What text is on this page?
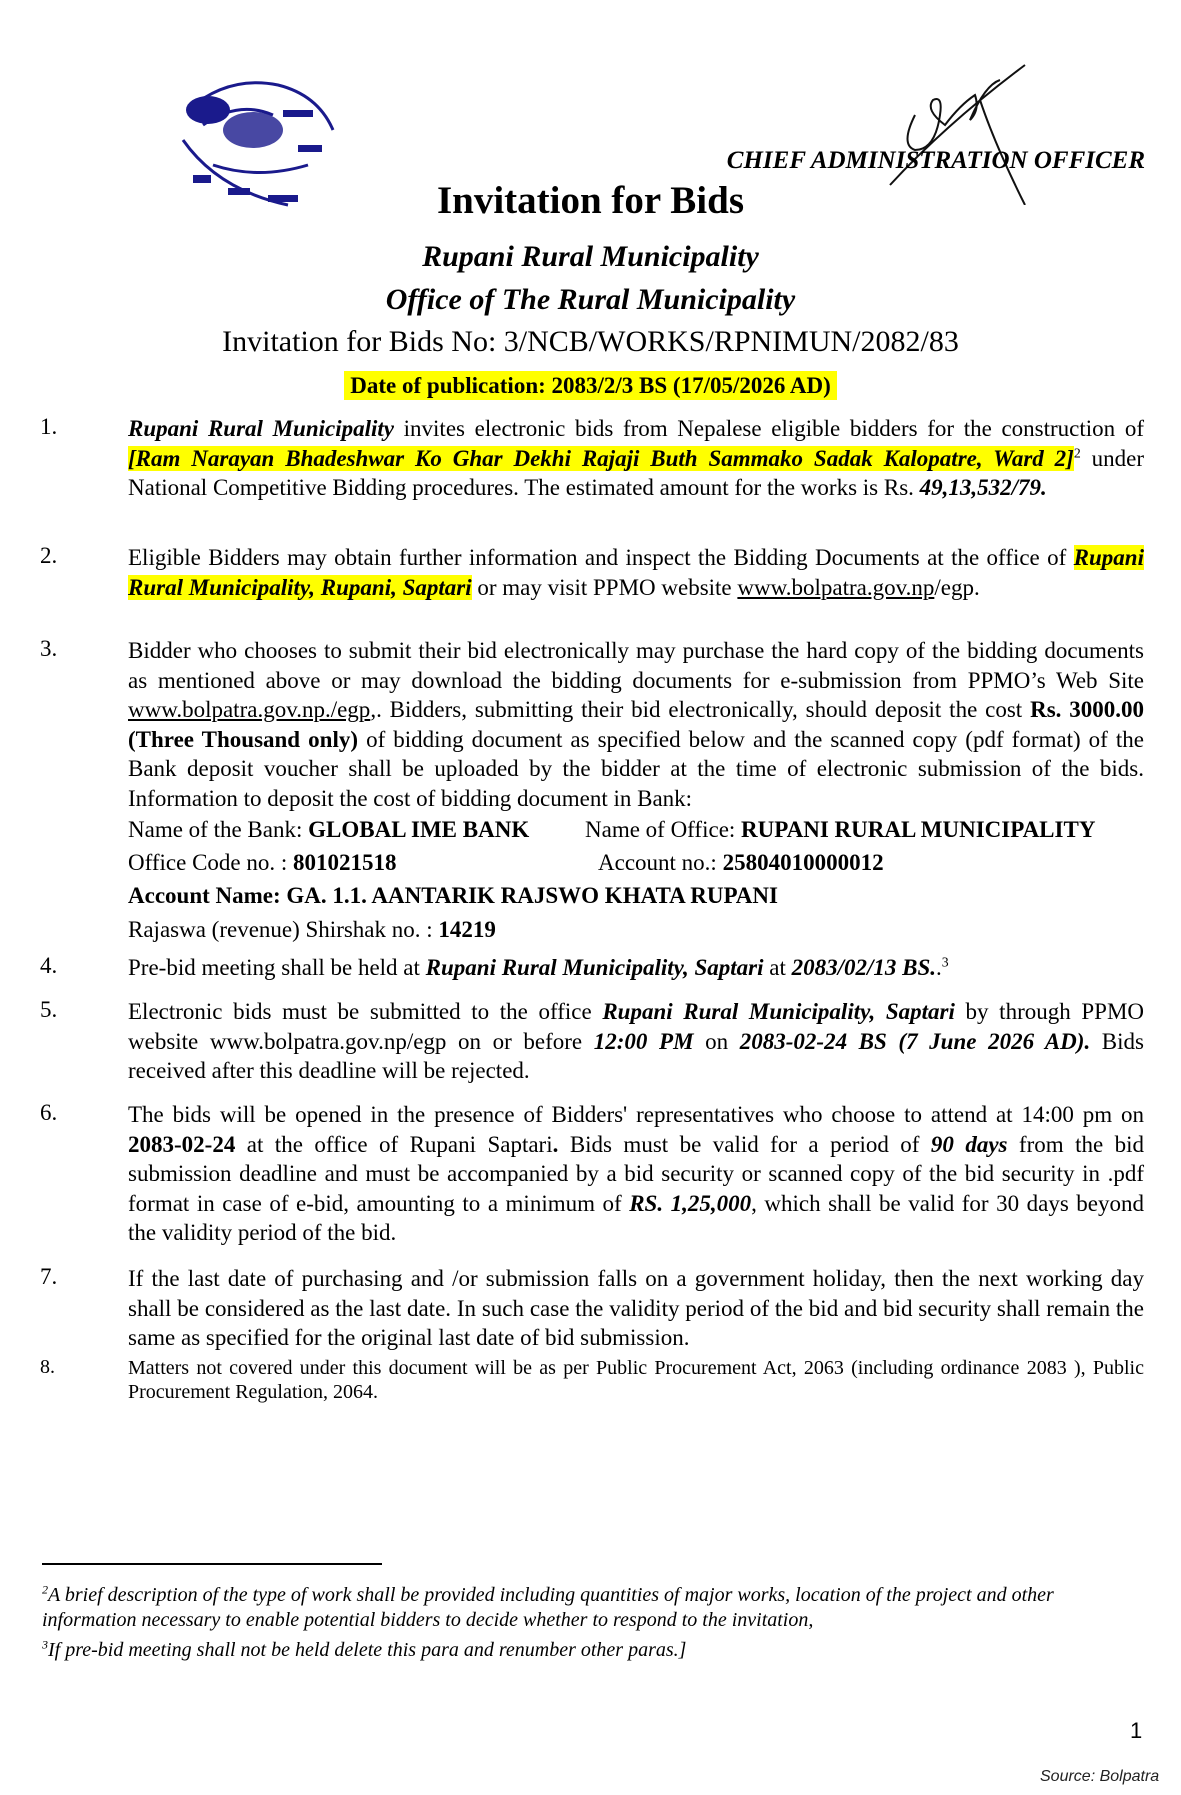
CHIEF ADMINISTRATION OFFICER
Invitation for Bids
Rupani Rural Municipality
Office of The Rural Municipality
Invitation for Bids No: 3/NCB/WORKS/RPNIMUN/2082/83
Date of publication: 2083/2/3 BS (17/05/2026 AD)
1.	Rupani Rural Municipality invites electronic bids from Nepalese eligible bidders for the construction of [Ram Narayan Bhadeshwar Ko Ghar Dekhi Rajaji Buth Sammako Sadak Kalopatre, Ward 2]$^2$ under National Competitive Bidding procedures. The estimated amount for the works is Rs. 49,13,532/79.
2.	Eligible Bidders may obtain further information and inspect the Bidding Documents at the office of Rupani Rural Municipality, Rupani, Saptari or may visit PPMO website www.bolpatra.gov.np/egp.
3.	Bidder who chooses to submit their bid electronically may purchase the hard copy of the bidding documents as mentioned above or may download the bidding documents for e-submission from PPMO’s Web Site www.bolpatra.gov.np./egp,. Bidders, submitting their bid electronically, should deposit the cost Rs. 3000.00 (Three Thousand only) of bidding document as specified below and the scanned copy (pdf format) of the Bank deposit voucher shall be uploaded by the bidder at the time of electronic submission of the bids. Information to deposit the cost of bidding document in Bank:
Name of the Bank: GLOBAL IME BANK Name of Office: RUPANI RURAL MUNICIPALITY
Office Code no. : 801021518	Account no.: 25804010000012
Account Name: GA. 1.1. AANTARIK RAJSWO KHATA RUPANI
Rajaswa (revenue) Shirshak no. : 14219
4.	Pre-bid meeting shall be held at Rupani Rural Municipality, Saptari at 2083/02/13 BS..$^3$
5.	Electronic bids must be submitted to the office Rupani Rural Municipality, Saptari by through PPMO website www.bolpatra.gov.np/egp on or before 12:00 PM on 2083-02-24 BS (7 June 2026 AD). Bids received after this deadline will be rejected.
6.	The bids will be opened in the presence of Bidders' representatives who choose to attend at 14:00 pm on 2083-02-24 at the office of Rupani Saptari. Bids must be valid for a period of 90 days from the bid submission deadline and must be accompanied by a bid security or scanned copy of the bid security in .pdf format in case of e-bid, amounting to a minimum of RS. 1,25,000, which shall be valid for 30 days beyond the validity period of the bid.
7.	If the last date of purchasing and /or submission falls on a government holiday, then the next working day shall be considered as the last date. In such case the validity period of the bid and bid security shall remain the same as specified for the original last date of bid submission.
8.	Matters not covered under this document will be as per Public Procurement Act, 2063 (including ordinance 2083 ), Public Procurement Regulation, 2064.
$^2$A brief description of the type of work shall be provided including quantities of major works, location of the project and other information necessary to enable potential bidders to decide whether to respond to the invitation,
$^3$If pre-bid meeting shall not be held delete this para and renumber other paras.]
1
Source: Bolpatra
